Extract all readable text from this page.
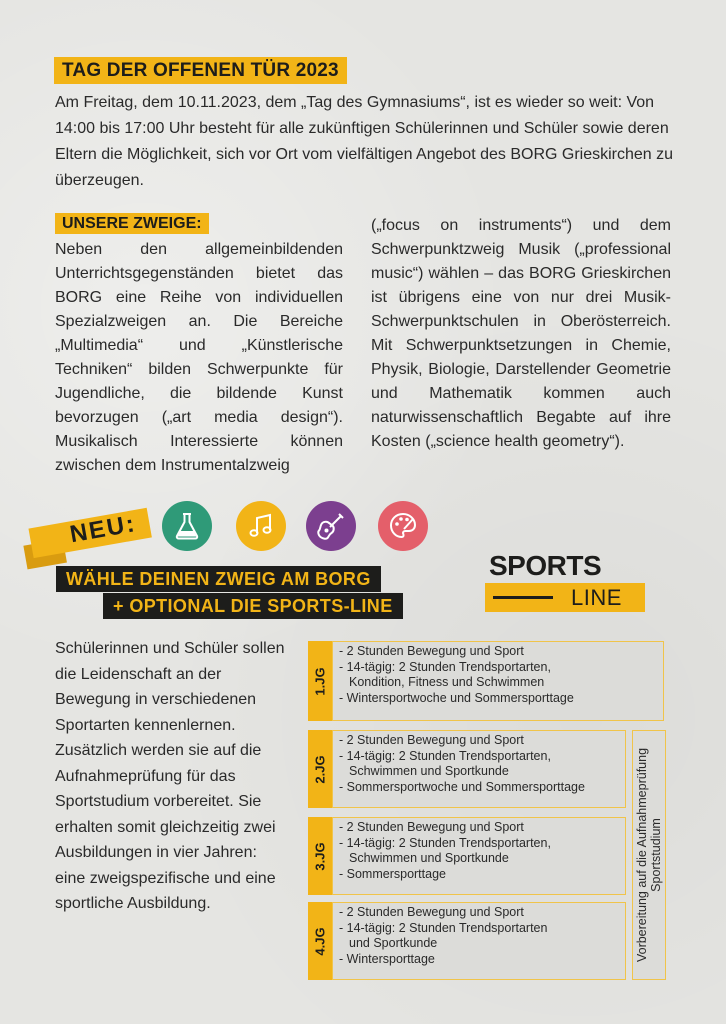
TAG DER OFFENEN TÜR 2023

Am Freitag, dem 10.11.2023, dem „Tag des Gymnasiums“, ist es wieder so weit: Von 14:00 bis 17:00 Uhr besteht für alle zukünftigen Schülerinnen und Schüler sowie deren Eltern die Möglichkeit, sich vor Ort vom vielfältigen Angebot des BORG Grieskirchen zu überzeugen.

UNSERE ZWEIGE:

Neben den allgemeinbildenden Unterrichtsgegenständen bietet das BORG eine Reihe von individuellen Spezialzweigen an. Die Bereiche „Multimedia“ und „Künstlerische Techniken“ bilden Schwerpunkte für Jugendliche, die bildende Kunst bevorzugen („art media design“). Musikalisch Interessierte können zwischen dem Instrumentalzweig

(„focus on instruments“) und dem Schwerpunktzweig Musik („professional music“) wählen – das BORG Grieskirchen ist übrigens eine von nur drei Musik-Schwerpunktschulen in Oberösterreich. Mit Schwerpunktsetzungen in Chemie, Physik, Biologie, Darstellender Geometrie und Mathematik kommen auch naturwissenschaftlich Begabte auf ihre Kosten („science health geometry“).

NEU:
WÄHLE DEINEN ZWEIG AM BORG
+ OPTIONAL DIE SPORTS-LINE
SPORTS
LINE

Schülerinnen und Schüler sollen die Leidenschaft an der Bewegung in verschiedenen Sportarten kennenlernen. Zusätzlich werden sie auf die Aufnahmeprüfung für das Sportstudium vorbereitet. Sie erhalten somit gleichzeitig zwei Ausbildungen in vier Jahren: eine zweigspezifische und eine sportliche Ausbildung.

1.JG
- 2 Stunden Bewegung und Sport
- 14-tägig: 2 Stunden Trendsportarten,
Kondition, Fitness und Schwimmen
- Wintersportwoche und Sommersporttage
2.JG
- 2 Stunden Bewegung und Sport
- 14-tägig: 2 Stunden Trendsportarten,
Schwimmen und Sportkunde
- Sommersportwoche und Sommersporttage
3.JG
- 2 Stunden Bewegung und Sport
- 14-tägig: 2 Stunden Trendsportarten,
Schwimmen und Sportkunde
- Sommersporttage
4.JG
- 2 Stunden Bewegung und Sport
- 14-tägig: 2 Stunden Trendsportarten
und Sportkunde
- Wintersporttage	Vorbereitung auf die Aufnahmeprüfung Sportstudium
